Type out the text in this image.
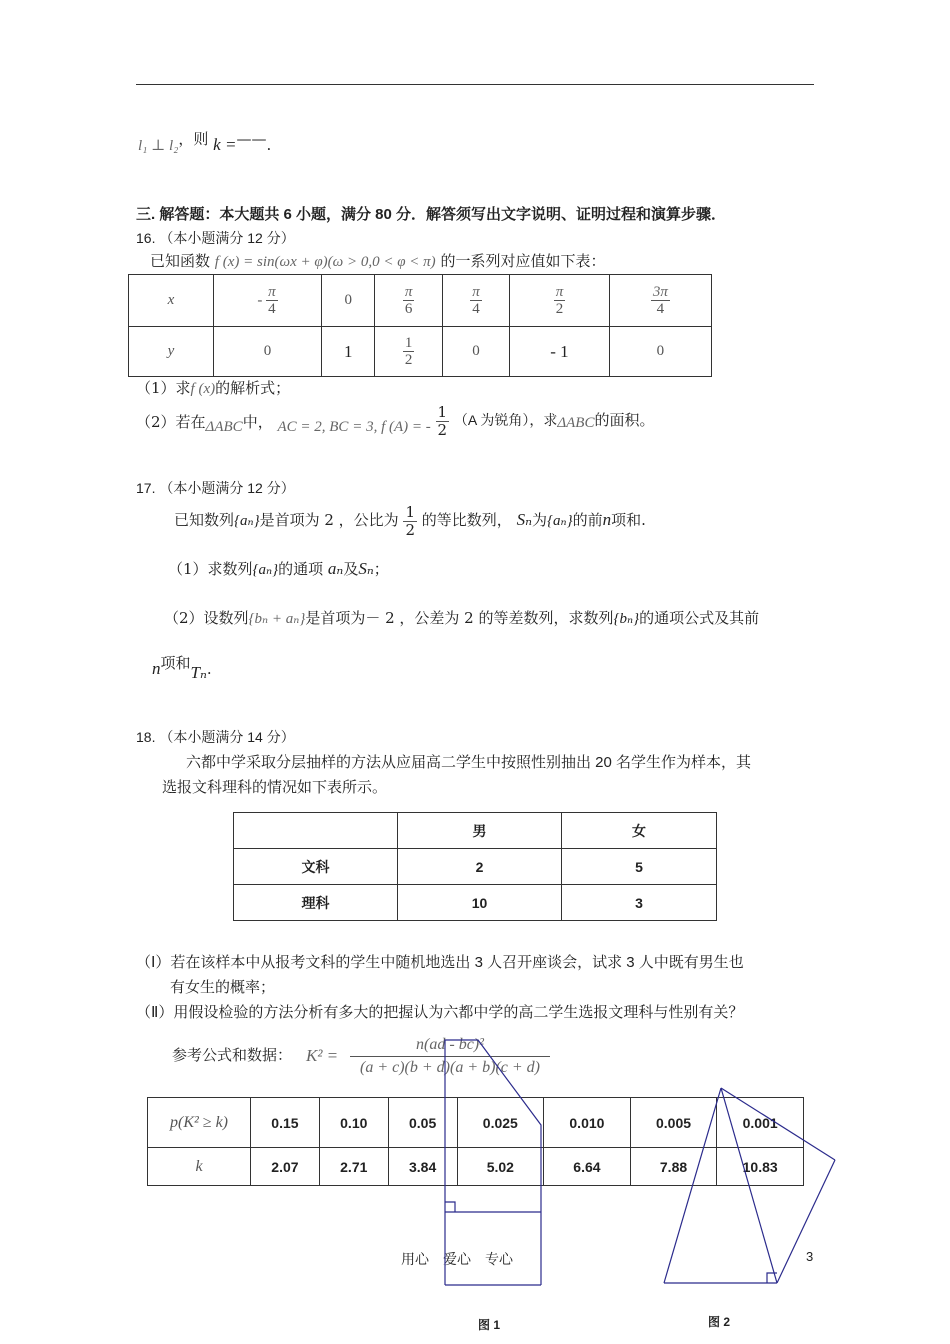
l₁ ⊥ l₂，则 k =——.
三. 解答题：本大题共 6 小题，满分 80 分．解答须写出文字说明、证明过程和演算步骤．
16. （本小题满分 12 分）
已知函数 f (x) = sin(ωx + φ)(ω > 0,0 < φ < π) 的一系列对应值如下表：
x	- $\frac{\pi}{4}$	0	$\frac{\pi}{6}$	$\frac{\pi}{4}$	$\frac{\pi}{2}$	$\frac{3\pi}{4}$

y	0	1	$\frac{1}{2}$	0	- 1	0
（1）求f (x)的解析式；
（2）若在ΔABC中， AC = 2, BC = 3, f (A) = - $\frac{1}{2} (A$ 为锐角），求ΔABC的面积。
17. （本小题满分 12 分）
已知数列{aₙ}是首项为 2 ，公比为 $\frac{1}{2}$ 的等比数列， Sₙ为{aₙ}的前n项和.
（1）求数列{aₙ}的通项 aₙ及Sₙ；
（2）设数列{bₙ + aₙ}是首项为－ 2 ，公差为 2 的等差数列，求数列{bₙ}的通项公式及其前
n项和Tₙ.
18. （本小题满分 14 分）
六都中学采取分层抽样的方法从应届高二学生中按照性别抽出 20 名学生作为样本，其
选报文科理科的情况如下表所示。
	男	女
文科	2	5
理科	10	3
（Ⅰ）若在该样本中从报考文科的学生中随机地选出 3 人召开座谈会，试求 3 人中既有男生也
有女生的概率；
（Ⅱ）用假设检验的方法分析有多大的把握认为六都中学的高二学生选报文理科与性别有关？
参考公式和数据： $K^2 = \frac{\text{n(ad - bc)²}}{(a + c)(b + d)(a + b)(c + d)}$
p(K² ≥ k)	0.15	0.10	0.05	0.025	0.010	0.005	0.001
k	2.07	2.71	3.84	5.02	6.64	7.88	10.83
用心　爱心　专心	3
图 1	图 2
